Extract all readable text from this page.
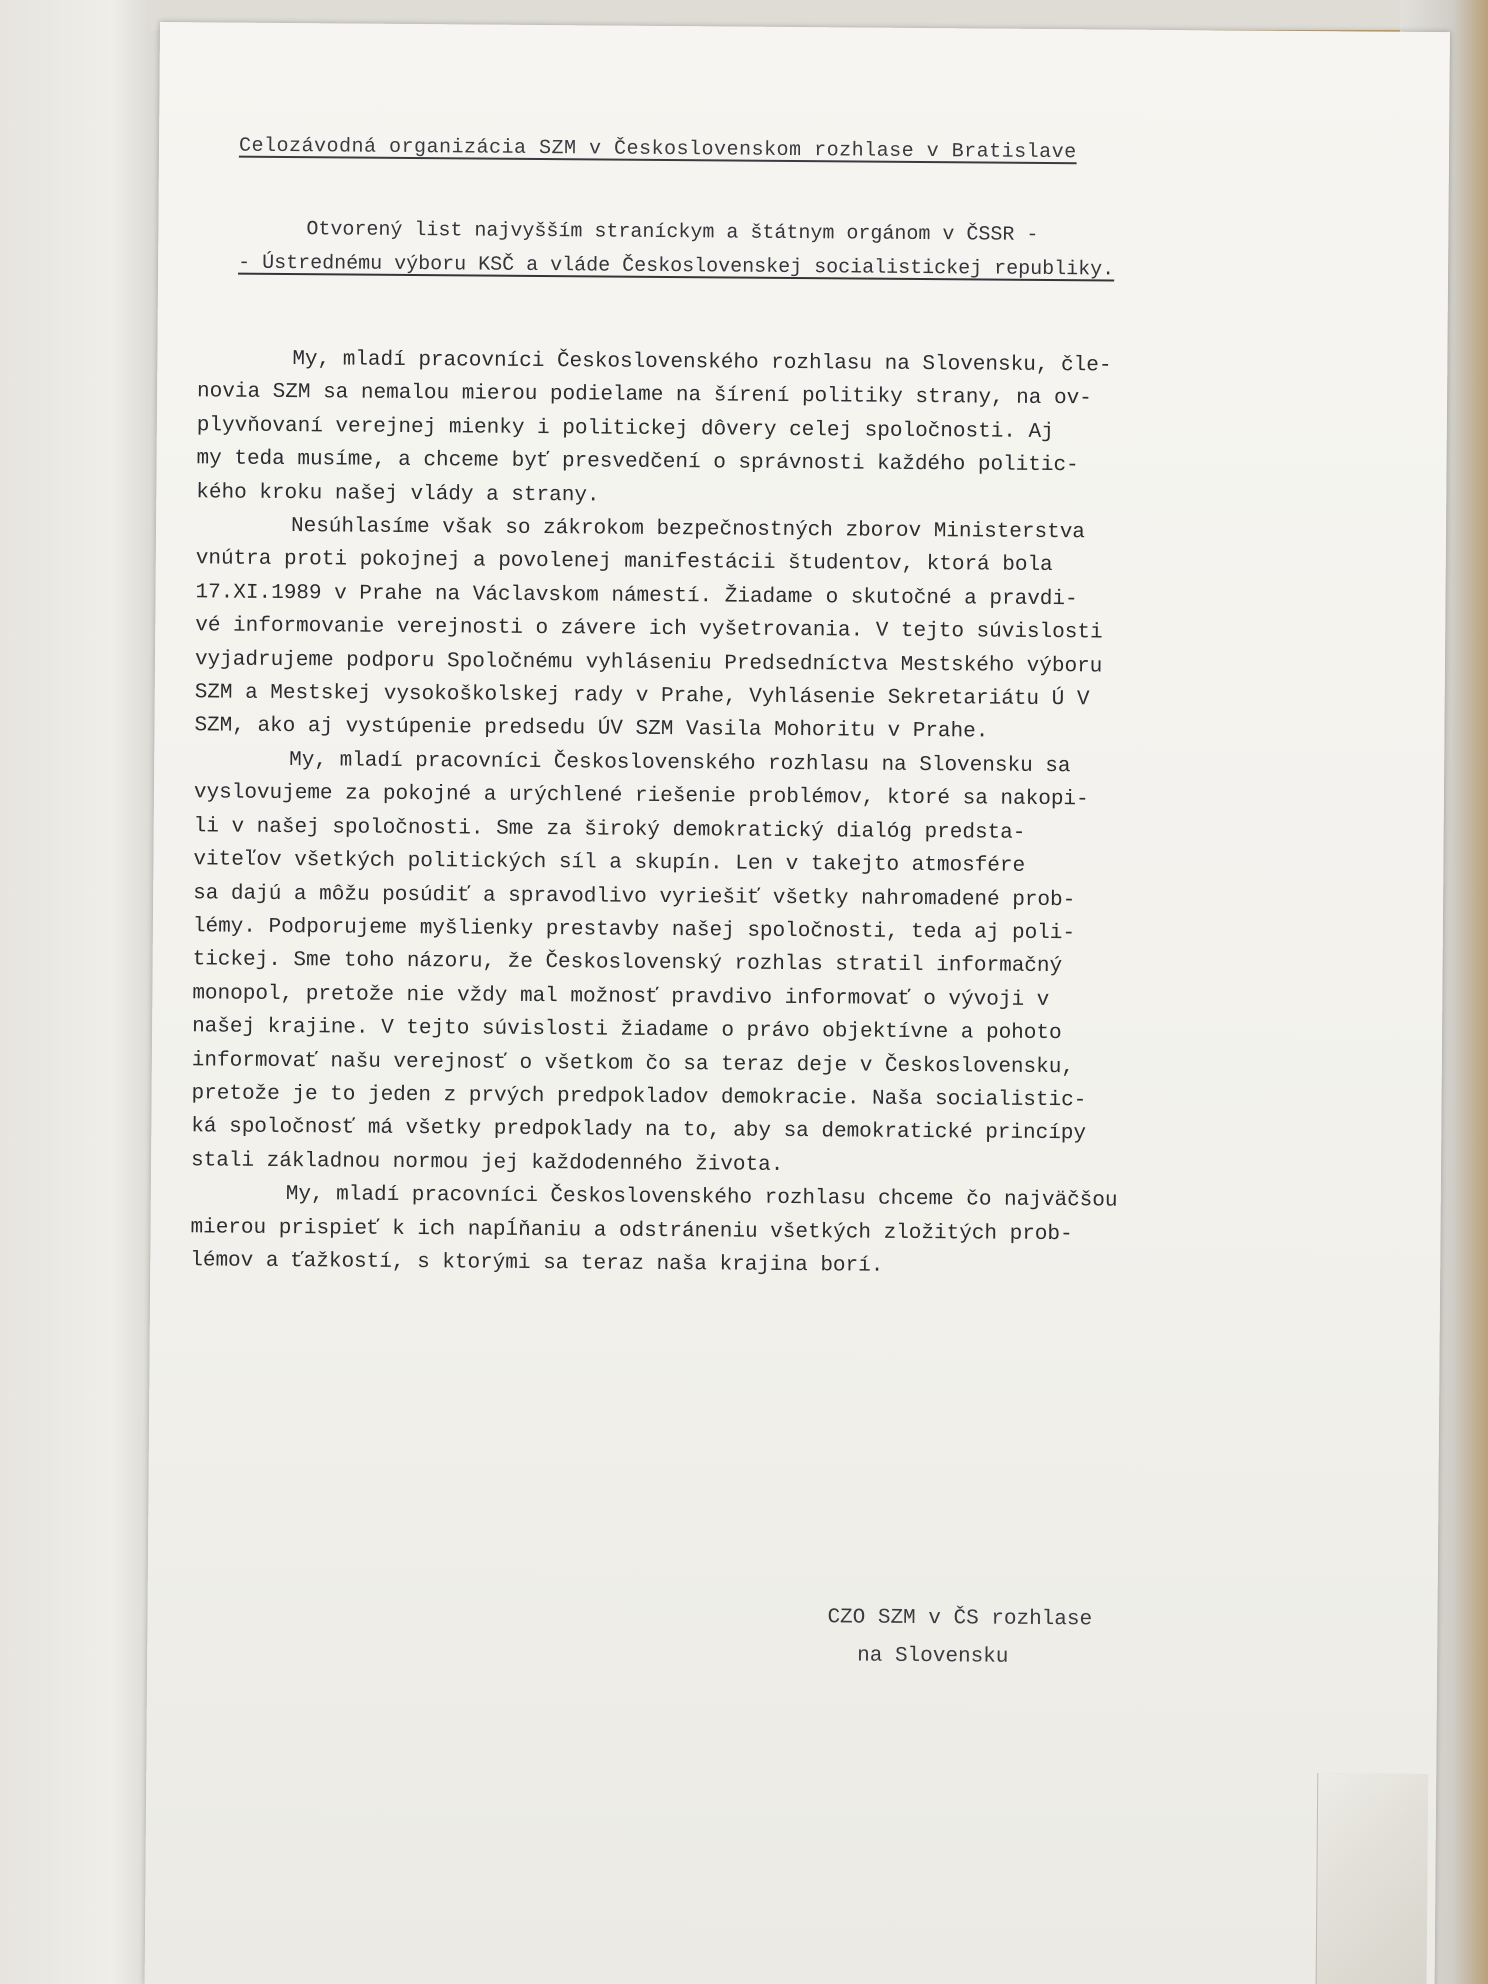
Celozávodná organizácia SZM v Československom rozhlase v Bratislave
Otvorený list najvyšším straníckym a štátnym orgánom v ČSSR -
- Ústrednému výboru KSČ a vláde Československej socialistickej republiky.

My, mladí pracovníci Československého rozhlasu na Slovensku, čle-
novia SZM sa nemalou mierou podielame na šírení politiky strany, na ov-
plyvňovaní verejnej mienky i politickej dôvery celej spoločnosti. Aj
my teda musíme, a chceme byť presvedčení o správnosti každého politic-
kého kroku našej vlády a strany.

Nesúhlasíme však so zákrokom bezpečnostných zborov Ministerstva
vnútra proti pokojnej a povolenej manifestácii študentov, ktorá bola
17.XI.1989 v Prahe na Václavskom námestí. Žiadame o skutočné a pravdi-
vé informovanie verejnosti o závere ich vyšetrovania. V tejto súvislosti
vyjadrujeme podporu Spoločnému vyhláseniu Predsedníctva Mestského výboru
SZM a Mestskej vysokoškolskej rady v Prahe, Vyhlásenie Sekretariátu Ú V
SZM, ako aj vystúpenie predsedu ÚV SZM Vasila Mohoritu v Prahe.

My, mladí pracovníci Československého rozhlasu na Slovensku sa
vyslovujeme za pokojné a urýchlené riešenie problémov, ktoré sa nakopi-
li v našej spoločnosti. Sme za široký demokratický dialóg predsta-
viteľov všetkých politických síl a skupín. Len v takejto atmosfére
sa dajú a môžu posúdiť a spravodlivo vyriešiť všetky nahromadené prob-
lémy. Podporujeme myšlienky prestavby našej spoločnosti, teda aj poli-
tickej. Sme toho názoru, že Československý rozhlas stratil informačný
monopol, pretože nie vždy mal možnosť pravdivo informovať o vývoji v
našej krajine. V tejto súvislosti žiadame o právo objektívne a pohoto
informovať našu verejnosť o všetkom čo sa teraz deje v Československu,
pretože je to jeden z prvých predpokladov demokracie. Naša socialistic-
ká spoločnosť má všetky predpoklady na to, aby sa demokratické princípy
stali základnou normou jej každodenného života.

My, mladí pracovníci Československého rozhlasu chceme čo najväčšou
mierou prispieť k ich napĺňaniu a odstráneniu všetkých zložitých prob-
lémov a ťažkostí, s ktorými sa teraz naša krajina borí.

CZO SZM v ČS rozhlase
na Slovensku
